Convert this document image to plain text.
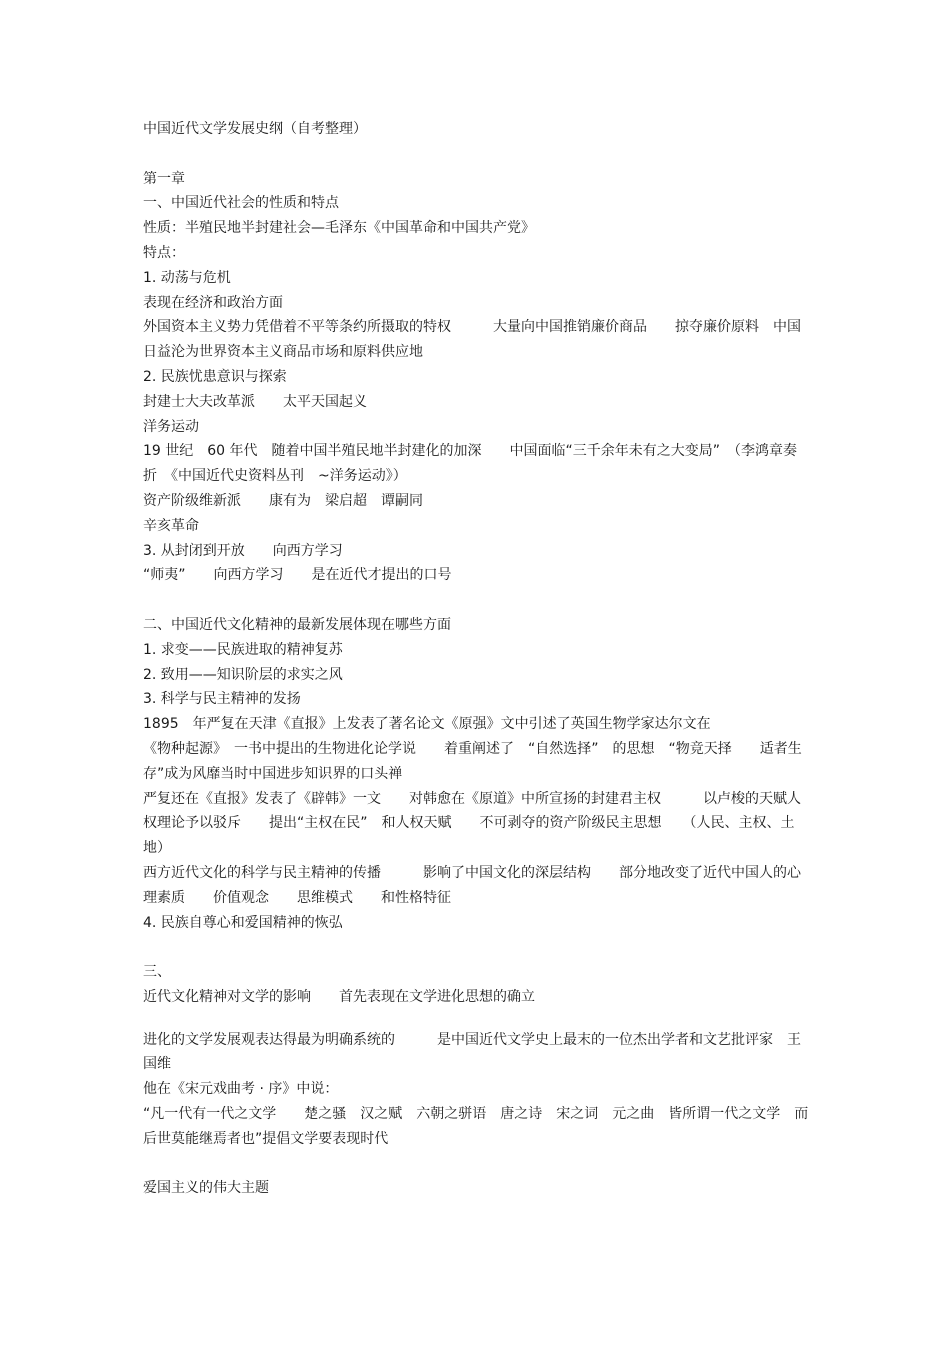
中国近代文学发展史纲（自考整理）

第一章

一、中国近代社会的性质和特点

性质：半殖民地半封建社会—毛泽东《中国革命和中国共产党》

特点：

1. 动荡与危机

表现在经济和政治方面

外国资本主义势力凭借着不平等条约所摄取的特权　　　大量向中国推销廉价商品　　掠夺廉价原料　中国日益沦为世界资本主义商品市场和原料供应地

2. 民族忧患意识与探索

封建士大夫改革派　　太平天国起义

洋务运动

19 世纪　60 年代　随着中国半殖民地半封建化的加深　　中国面临“三千余年未有之大变局”　（李鸿章奏折　《中国近代史资料丛刊　~洋务运动》）

资产阶级维新派　　康有为　梁启超　谭嗣同

辛亥革命

3. 从封闭到开放　　向西方学习

“师夷”　　向西方学习　　是在近代才提出的口号

二、中国近代文化精神的最新发展体现在哪些方面

1. 求变——民族进取的精神复苏

2. 致用——知识阶层的求实之风

3. 科学与民主精神的发扬

1895　年严复在天津《直报》上发表了著名论文《原强》文中引述了英国生物学家达尔文在

《物种起源》　一书中提出的生物进化论学说　　着重阐述了　“自然选择”　的思想　“物竞天择　　适者生存”成为风靡当时中国进步知识界的口头禅

严复还在《直报》发表了《辟韩》一文　　对韩愈在《原道》中所宣扬的封建君主权　　　以卢梭的天赋人权理论予以驳斥　　提出“主权在民”　和人权天赋　　不可剥夺的资产阶级民主思想　　（人民、主权、土地）

西方近代文化的科学与民主精神的传播　　　影响了中国文化的深层结构　　部分地改变了近代中国人的心理素质　　价值观念　　思维模式　　和性格特征

4. 民族自尊心和爱国精神的恢弘

三、

近代文化精神对文学的影响　　首先表现在文学进化思想的确立

进化的文学发展观表达得最为明确系统的　　　是中国近代文学史上最末的一位杰出学者和文艺批评家　王国维

他在《宋元戏曲考 · 序》中说：

“凡一代有一代之文学　　楚之骚　汉之赋　六朝之骈语　唐之诗　宋之词　元之曲　皆所谓一代之文学　而后世莫能继焉者也”提倡文学要表现时代

爱国主义的伟大主题
